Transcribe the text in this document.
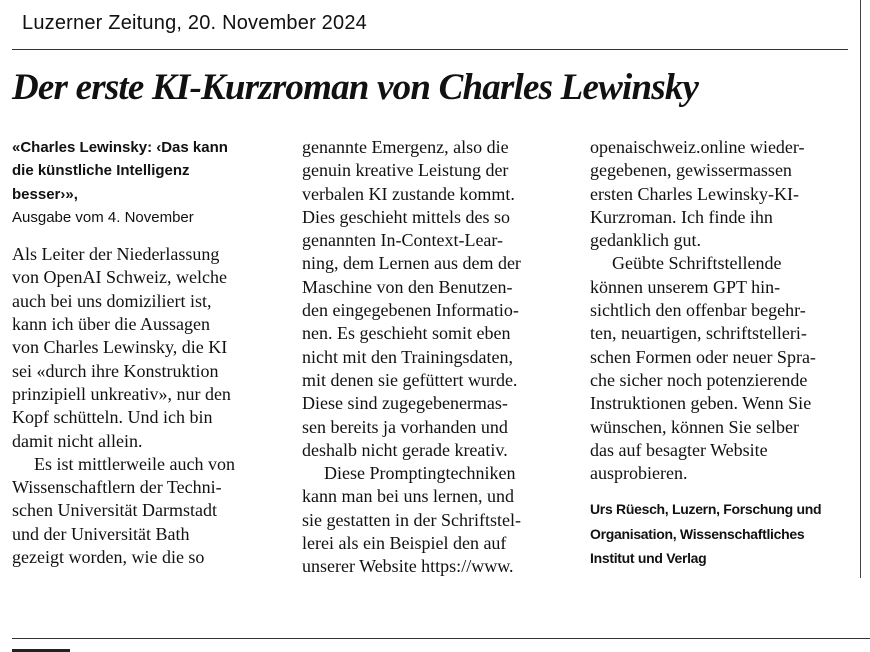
Luzerner Zeitung, 20. November 2024
Der erste KI-Kurzroman von Charles Lewinsky
«Charles Lewinsky: ‹Das kann
die künstliche Intelligenz
besser›»,
Ausgabe vom 4. November
Als Leiter der Niederlassung
von OpenAI Schweiz, welche
auch bei uns domiziliert ist,
kann ich über die Aussagen
von Charles Lewinsky, die KI
sei «durch ihre Konstruktion
prinzipiell unkreativ», nur den
Kopf schütteln. Und ich bin
damit nicht allein.
Es ist mittlerweile auch von
Wissenschaftlern der Techni-
schen Universität Darmstadt
und der Universität Bath
gezeigt worden, wie die so
genannte Emergenz, also die
genuin kreative Leistung der
verbalen KI zustande kommt.
Dies geschieht mittels des so
genannten In-Context-Lear-
ning, dem Lernen aus dem der
Maschine von den Benutzen-
den eingegebenen Informatio-
nen. Es geschieht somit eben
nicht mit den Trainingsdaten,
mit denen sie gefüttert wurde.
Diese sind zugegebenermas-
sen bereits ja vorhanden und
deshalb nicht gerade kreativ.
Diese Promptingtechniken
kann man bei uns lernen, und
sie gestatten in der Schriftstel-
lerei als ein Beispiel den auf
unserer Website https://www.
openaischweiz.online wieder-
gegebenen, gewissermassen
ersten Charles Lewinsky-KI-
Kurzroman. Ich finde ihn
gedanklich gut.
Geübte Schriftstellende
können unserem GPT hin-
sichtlich den offenbar begehr-
ten, neuartigen, schriftstelleri-
schen Formen oder neuer Spra-
che sicher noch potenzierende
Instruktionen geben. Wenn Sie
wünschen, können Sie selber
das auf besagter Website
ausprobieren.
Urs Rüesch, Luzern, Forschung und
Organisation, Wissenschaftliches
Institut und Verlag
